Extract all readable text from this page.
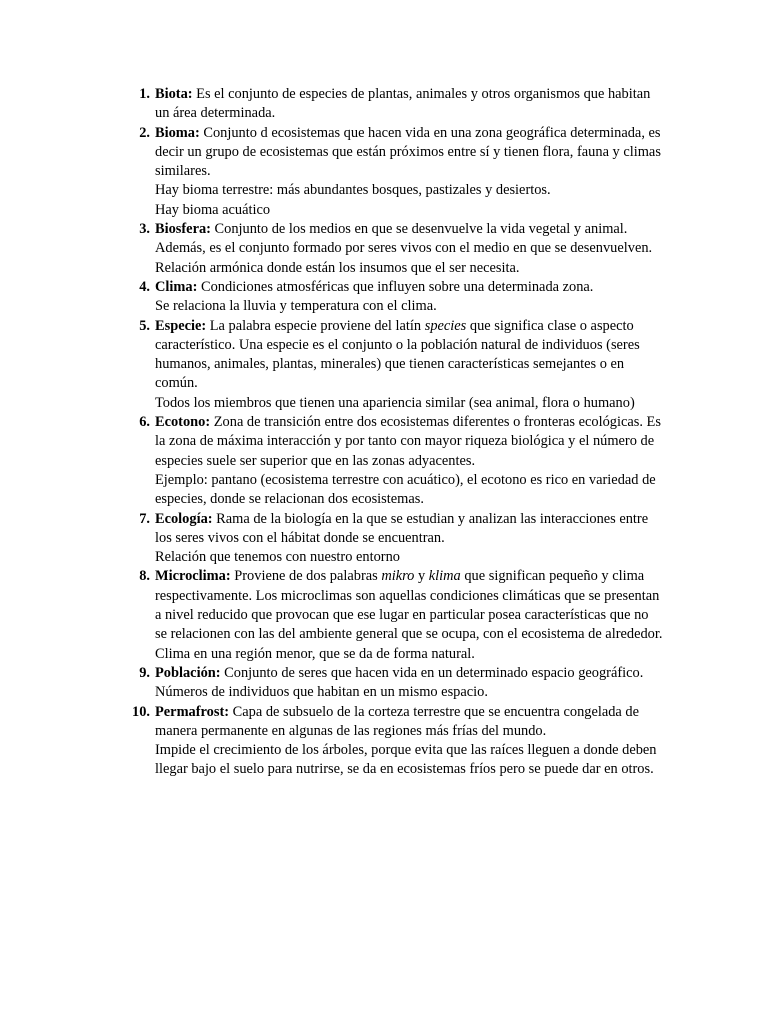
1. Biota: Es el conjunto de especies de plantas, animales y otros organismos que habitan un área determinada.
2. Bioma: Conjunto d ecosistemas que hacen vida en una zona geográfica determinada, es decir un grupo de ecosistemas que están próximos entre sí y tienen flora, fauna y climas similares.
Hay bioma terrestre: más abundantes bosques, pastizales y desiertos.
Hay bioma acuático
3. Biosfera: Conjunto de los medios en que se desenvuelve la vida vegetal y animal. Además, es el conjunto formado por seres vivos con el medio en que se desenvuelven.
Relación armónica donde están los insumos que el ser necesita.
4. Clima: Condiciones atmosféricas que influyen sobre una determinada zona.
Se relaciona la lluvia y temperatura con el clima.
5. Especie: La palabra especie proviene del latín species que significa clase o aspecto característico. Una especie es el conjunto o la población natural de individuos (seres humanos, animales, plantas, minerales) que tienen características semejantes o en común.
Todos los miembros que tienen una apariencia similar (sea animal, flora o humano)
6. Ecotono: Zona de transición entre dos ecosistemas diferentes o fronteras ecológicas. Es la zona de máxima interacción y por tanto con mayor riqueza biológica y el número de especies suele ser superior que en las zonas adyacentes.
Ejemplo: pantano (ecosistema terrestre con acuático), el ecotono es rico en variedad de especies, donde se relacionan dos ecosistemas.
7. Ecología: Rama de la biología en la que se estudian y analizan las interacciones entre los seres vivos con el hábitat donde se encuentran.
Relación que tenemos con nuestro entorno
8. Microclima: Proviene de dos palabras mikro y klima que significan pequeño y clima respectivamente. Los microclimas son aquellas condiciones climáticas que se presentan a nivel reducido que provocan que ese lugar en particular posea características que no se relacionen con las del ambiente general que se ocupa, con el ecosistema de alrededor.
Clima en una región menor, que se da de forma natural.
9. Población: Conjunto de seres que hacen vida en un determinado espacio geográfico.
Números de individuos que habitan en un mismo espacio.
10. Permafrost: Capa de subsuelo de la corteza terrestre que se encuentra congelada de manera permanente en algunas de las regiones más frías del mundo.
Impide el crecimiento de los árboles, porque evita que las raíces lleguen a donde deben llegar bajo el suelo para nutrirse, se da en ecosistemas fríos pero se puede dar en otros.
